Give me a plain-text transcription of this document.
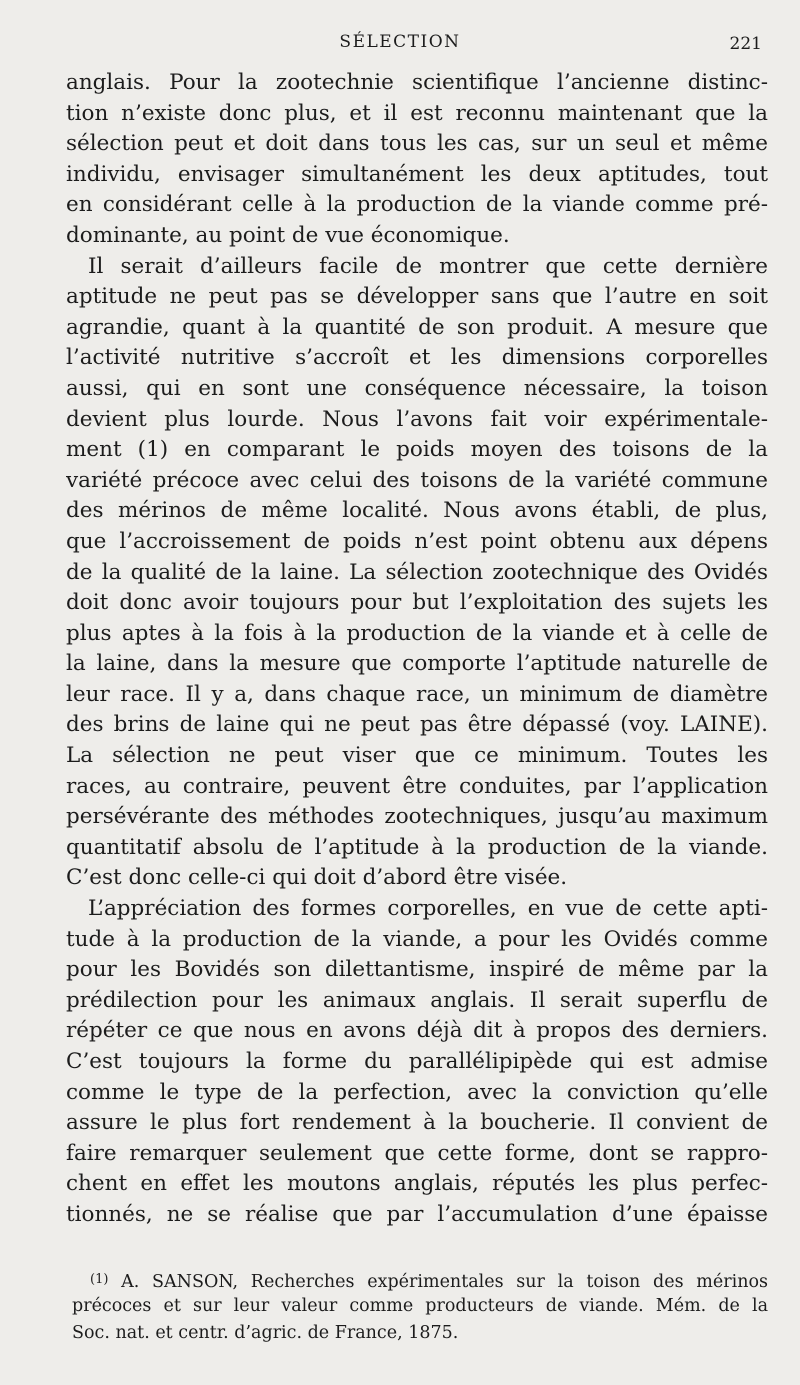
SÉLECTION	221
anglais. Pour la zootechnie scientifique l’ancienne distinc-
tion n’existe donc plus, et il est reconnu maintenant que la
sélection peut et doit dans tous les cas, sur un seul et même
individu, envisager simultanément les deux aptitudes, tout
en considérant celle à la production de la viande comme pré-
dominante, au point de vue économique.
Il serait d’ailleurs facile de montrer que cette dernière
aptitude ne peut pas se développer sans que l’autre en soit
agrandie, quant à la quantité de son produit. A mesure que
l’activité nutritive s’accroît et les dimensions corporelles
aussi, qui en sont une conséquence nécessaire, la toison
devient plus lourde. Nous l’avons fait voir expérimentale-
ment (1) en comparant le poids moyen des toisons de la
variété précoce avec celui des toisons de la variété commune
des mérinos de même localité. Nous avons établi, de plus,
que l’accroissement de poids n’est point obtenu aux dépens
de la qualité de la laine. La sélection zootechnique des Ovidés
doit donc avoir toujours pour but l’exploitation des sujets les
plus aptes à la fois à la production de la viande et à celle de
la laine, dans la mesure que comporte l’aptitude naturelle de
leur race. Il y a, dans chaque race, un minimum de diamètre
des brins de laine qui ne peut pas être dépassé (voy. LAINE).
La sélection ne peut viser que ce minimum. Toutes les
races, au contraire, peuvent être conduites, par l’application
persévérante des méthodes zootechniques, jusqu’au maximum
quantitatif absolu de l’aptitude à la production de la viande.
C’est donc celle-ci qui doit d’abord être visée.
L’appréciation des formes corporelles, en vue de cette apti-
tude à la production de la viande, a pour les Ovidés comme
pour les Bovidés son dilettantisme, inspiré de même par la
prédilection pour les animaux anglais. Il serait superflu de
répéter ce que nous en avons déjà dit à propos des derniers.
C’est toujours la forme du parallélipipède qui est admise
comme le type de la perfection, avec la conviction qu’elle
assure le plus fort rendement à la boucherie. Il convient de
faire remarquer seulement que cette forme, dont se rappro-
chent en effet les moutons anglais, réputés les plus perfec-
tionnés, ne se réalise que par l’accumulation d’une épaisse
$^{(1)}$ A. SANSON, Recherches expérimentales sur la toison des mérinos
précoces et sur leur valeur comme producteurs de viande. Mém. de la
Soc. nat. et centr. d’agric. de France, 1875.
